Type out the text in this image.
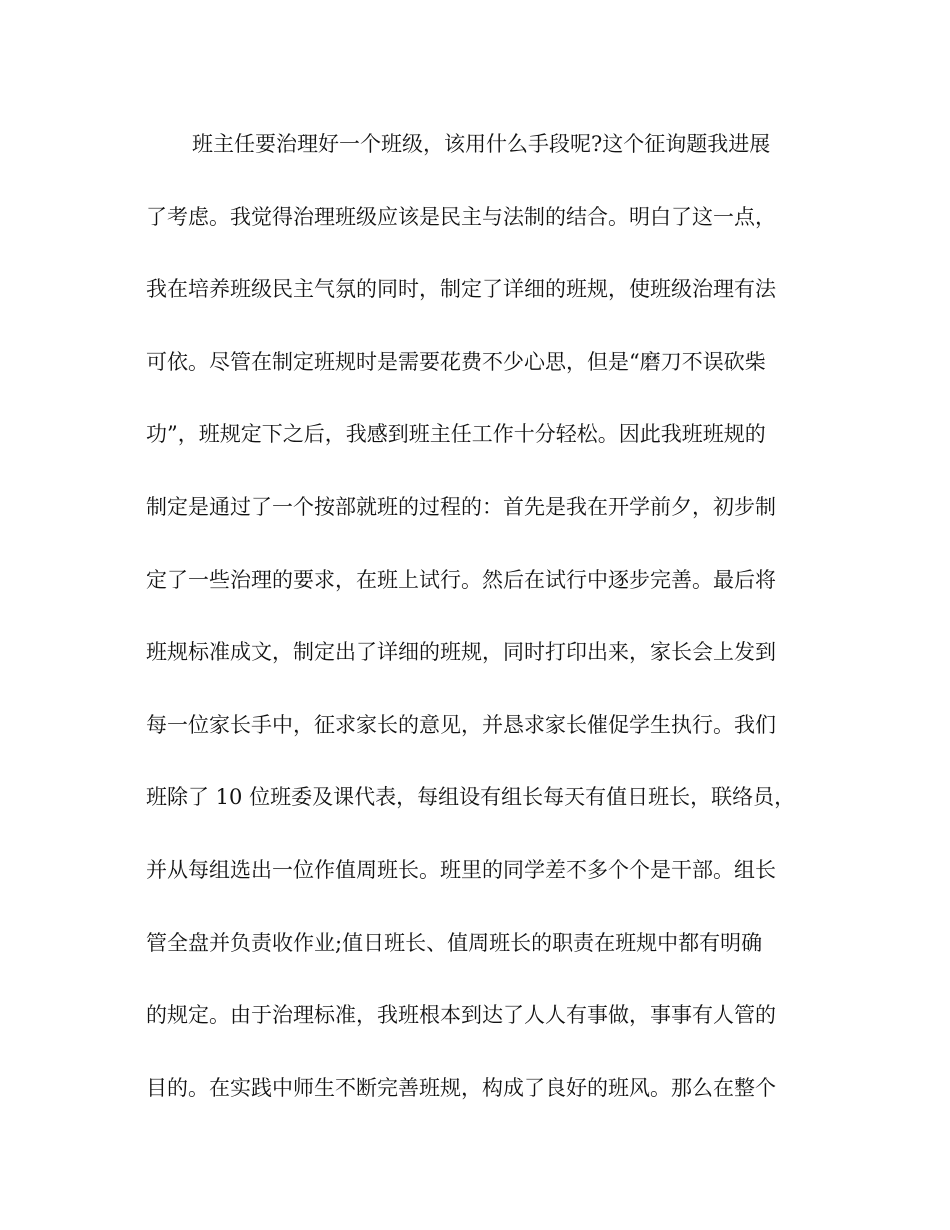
班主任要治理好一个班级，该用什么手段呢?这个征询题我进展
了考虑。我觉得治理班级应该是民主与法制的结合。明白了这一点，
我在培养班级民主气氛的同时，制定了详细的班规，使班级治理有法
可依。尽管在制定班规时是需要花费不少心思，但是“磨刀不误砍柴
功”，班规定下之后，我感到班主任工作十分轻松。因此我班班规的
制定是通过了一个按部就班的过程的：首先是我在开学前夕，初步制
定了一些治理的要求，在班上试行。然后在试行中逐步完善。最后将
班规标准成文，制定出了详细的班规，同时打印出来，家长会上发到
每一位家长手中，征求家长的意见，并恳求家长催促学生执行。我们
班除了 10 位班委及课代表，每组设有组长每天有值日班长，联络员，
并从每组选出一位作值周班长。班里的同学差不多个个是干部。组长
管全盘并负责收作业;值日班长、值周班长的职责在班规中都有明确
的规定。由于治理标准，我班根本到达了人人有事做，事事有人管的
目的。在实践中师生不断完善班规，构成了良好的班风。那么在整个
